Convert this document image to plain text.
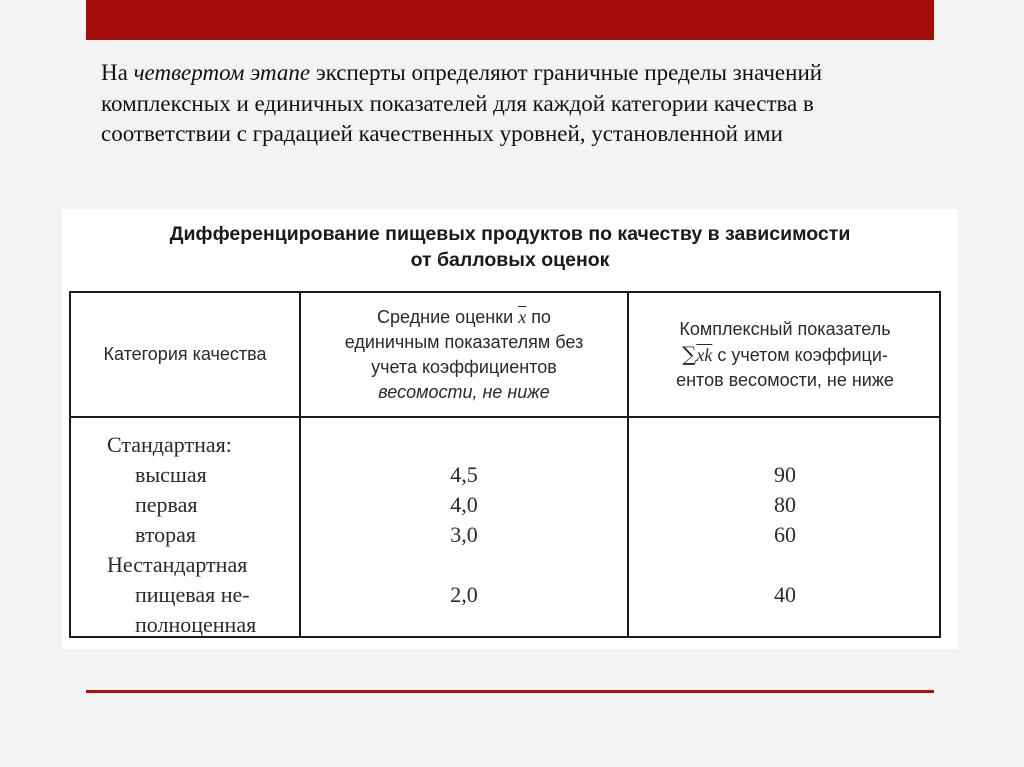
На четвертом этапе эксперты определяют граничные пределы значений комплексных и единичных показателей для каждой категории качества в соответствии с градацией качественных уровней, установленной ими

Дифференцирование пищевых продуктов по качеству в зависимости
от балловых оценок
Категория качества
Средние оценки $\overline{x}$ по
единичным показателям без
учета коэффициентов
весомости, не ниже
Комплексный показатель
$\sum\overline{xk}$ с учетом коэффици-
ентов весомости, не ниже
Стандартная:
высшая
первая
вторая
Нестандартная
пищевая не-
полноценная
4,5
4,0
3,0
2,0
90
80
60
40
